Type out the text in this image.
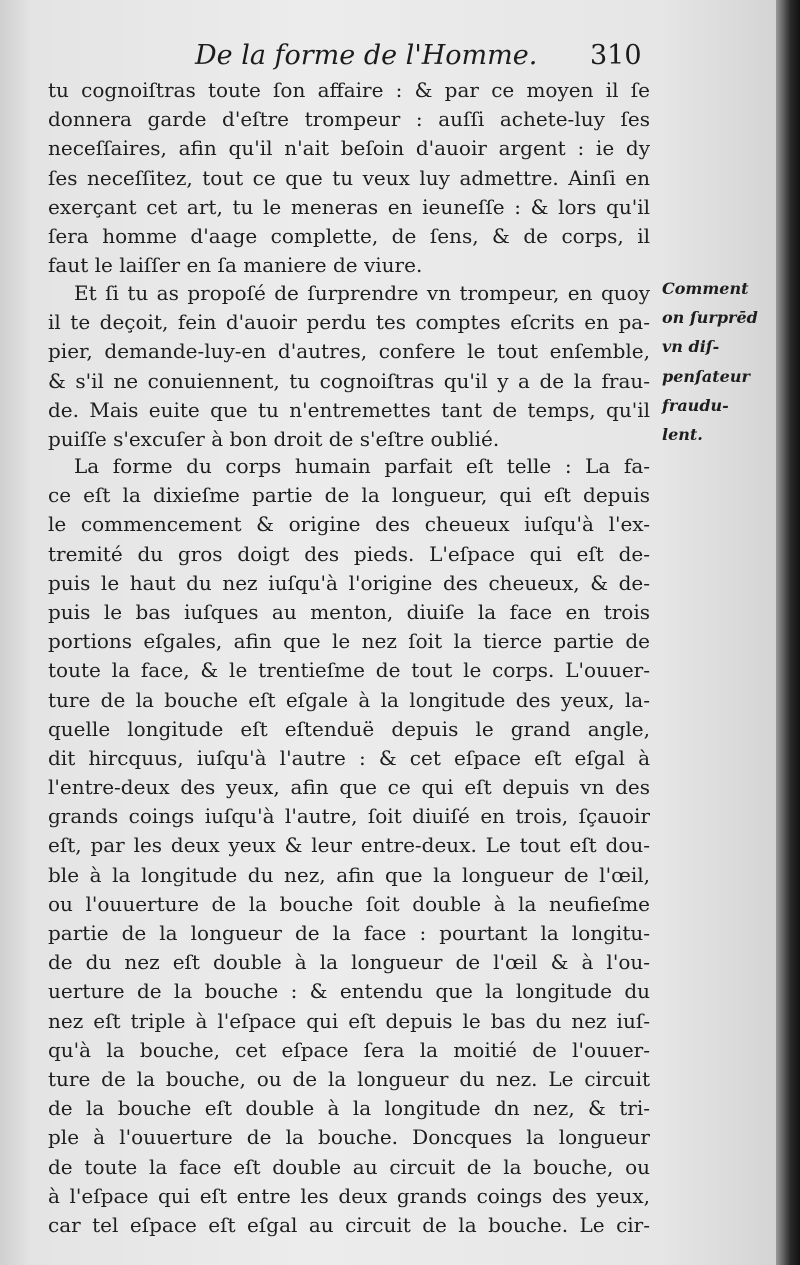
De la forme de l'Homme. 310
tu cognoiſtras toute ſon affaire : & par ce moyen il ſe
donnera garde d'eſtre trompeur : auſſi achete-luy ſes
neceſſaires, afin qu'il n'ait beſoin d'auoir argent : ie dy
ſes neceſſitez, tout ce que tu veux luy admettre. Ainſi en
exerçant cet art, tu le meneras en ieuneſſe : & lors qu'il
ſera homme d'aage complette, de ſens, & de corps, il
faut le laiſſer en ſa maniere de viure.
Et ſi tu as propoſé de ſurprendre vn trompeur, en quoy
il te deçoit, fein d'auoir perdu tes comptes eſcrits en pa-
pier, demande-luy-en d'autres, confere le tout enſemble,
& s'il ne conuiennent, tu cognoiſtras qu'il y a de la frau-
de. Mais euite que tu n'entremettes tant de temps, qu'il
puiſſe s'excuſer à bon droit de s'eſtre oublié.
La forme du corps humain parfait eſt telle : La fa-
ce eſt la dixieſme partie de la longueur, qui eſt depuis
le commencement & origine des cheueux iuſqu'à l'ex-
tremité du gros doigt des pieds. L'eſpace qui eſt de-
puis le haut du nez iuſqu'à l'origine des cheueux, & de-
puis le bas iuſques au menton, diuiſe la face en trois
portions eſgales, afin que le nez ſoit la tierce partie de
toute la face, & le trentieſme de tout le corps. L'ouuer-
ture de la bouche eſt eſgale à la longitude des yeux, la-
quelle longitude eſt eſtenduë depuis le grand angle,
dit hircquus, iuſqu'à l'autre : & cet eſpace eſt eſgal à
l'entre-deux des yeux, afin que ce qui eſt depuis vn des
grands coings iuſqu'à l'autre, ſoit diuiſé en trois, ſçauoir
eſt, par les deux yeux & leur entre-deux. Le tout eſt dou-
ble à la longitude du nez, afin que la longueur de l'œil,
ou l'ouuerture de la bouche ſoit double à la neufieſme
partie de la longueur de la face : pourtant la longitu-
de du nez eſt double à la longueur de l'œil & à l'ou-
uerture de la bouche : & entendu que la longitude du
nez eſt triple à l'eſpace qui eſt depuis le bas du nez iuſ-
qu'à la bouche, cet eſpace ſera la moitié de l'ouuer-
ture de la bouche, ou de la longueur du nez. Le circuit
de la bouche eſt double à la longitude dn nez, & tri-
ple à l'ouuerture de la bouche. Doncques la longueur
de toute la face eſt double au circuit de la bouche, ou
à l'eſpace qui eſt entre les deux grands coings des yeux,
car tel eſpace eſt eſgal au circuit de la bouche. Le cir-
Comment
on ſurprēd
vn diſ-
penſateur
fraudu-
lent.
